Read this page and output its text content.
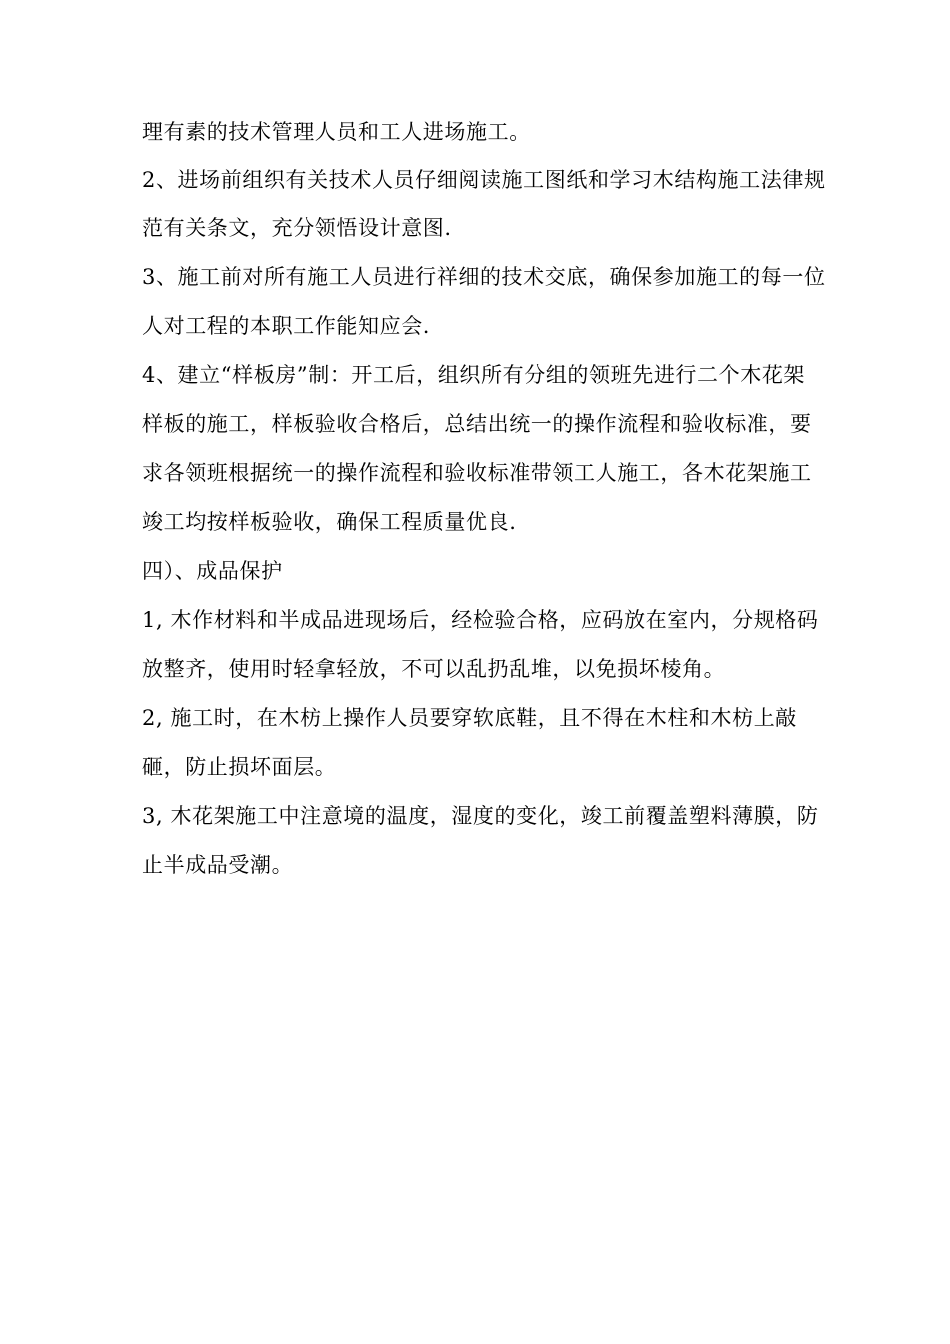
理有素的技术管理人员和工人进场施工。
2、进场前组织有关技术人员仔细阅读施工图纸和学习木结构施工法律规
范有关条文，充分领悟设计意图.
3、施工前对所有施工人员进行祥细的技术交底，确保参加施工的每一位
人对工程的本职工作能知应会.
4、建立“样板房”制：开工后，组织所有分组的领班先进行二个木花架
样板的施工，样板验收合格后，总结出统一的操作流程和验收标准，要
求各领班根据统一的操作流程和验收标准带领工人施工，各木花架施工
竣工均按样板验收，确保工程质量优良.
四）、成品保护
1, 木作材料和半成品进现场后，经检验合格，应码放在室内，分规格码
放整齐，使用时轻拿轻放，不可以乱扔乱堆，以免损坏棱角。
2, 施工时，在木枋上操作人员要穿软底鞋，且不得在木柱和木枋上敲
砸，防止损坏面层。
3, 木花架施工中注意境的温度，湿度的变化，竣工前覆盖塑料薄膜，防
止半成品受潮。
